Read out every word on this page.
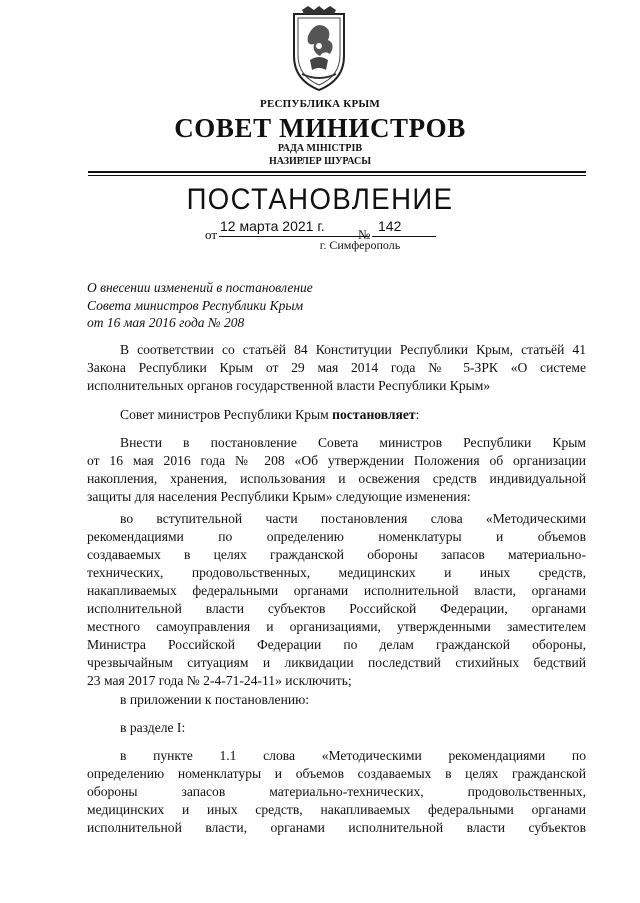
РЕСПУБЛИКА КРЫМ
СОВЕТ МИНИСТРОВ
РАДА МІНІСТРІВ
НАЗИРЛЕР ШУРАСЫ
ПОСТАНОВЛЕНИЕ
от
12 марта 2021 г.
№
142
г. Симферополь
О внесении изменений в постановление
Совета министров Республики Крым
от 16 мая 2016 года № 208
В соответствии со статьёй 84 Конституции Республики Крым, статьёй 41
Закона Республики Крым от 29 мая 2014 года № 5-ЗРК «О системе
исполнительных органов государственной власти Республики Крым»
Совет министров Республики Крым постановляет:
Внести в постановление Совета министров Республики Крым
от 16 мая 2016 года № 208 «Об утверждении Положения об организации
накопления, хранения, использования и освежения средств индивидуальной
защиты для населения Республики Крым» следующие изменения:
во вступительной части постановления слова «Методическими
рекомендациями по определению номенклатуры и объемов
создаваемых в целях гражданской обороны запасов материально-
технических, продовольственных, медицинских и иных средств,
накапливаемых федеральными органами исполнительной власти, органами
исполнительной власти субъектов Российской Федерации, органами
местного самоуправления и организациями, утвержденными заместителем
Министра Российской Федерации по делам гражданской обороны,
чрезвычайным ситуациям и ликвидации последствий стихийных бедствий
23 мая 2017 года № 2-4-71-24-11» исключить;
в приложении к постановлению:
в разделе I:
в пункте 1.1 слова «Методическими рекомендациями по
определению номенклатуры и объемов создаваемых в целях гражданской
обороны запасов материально-технических, продовольственных,
медицинских и иных средств, накапливаемых федеральными органами
исполнительной власти, органами исполнительной власти субъектов
